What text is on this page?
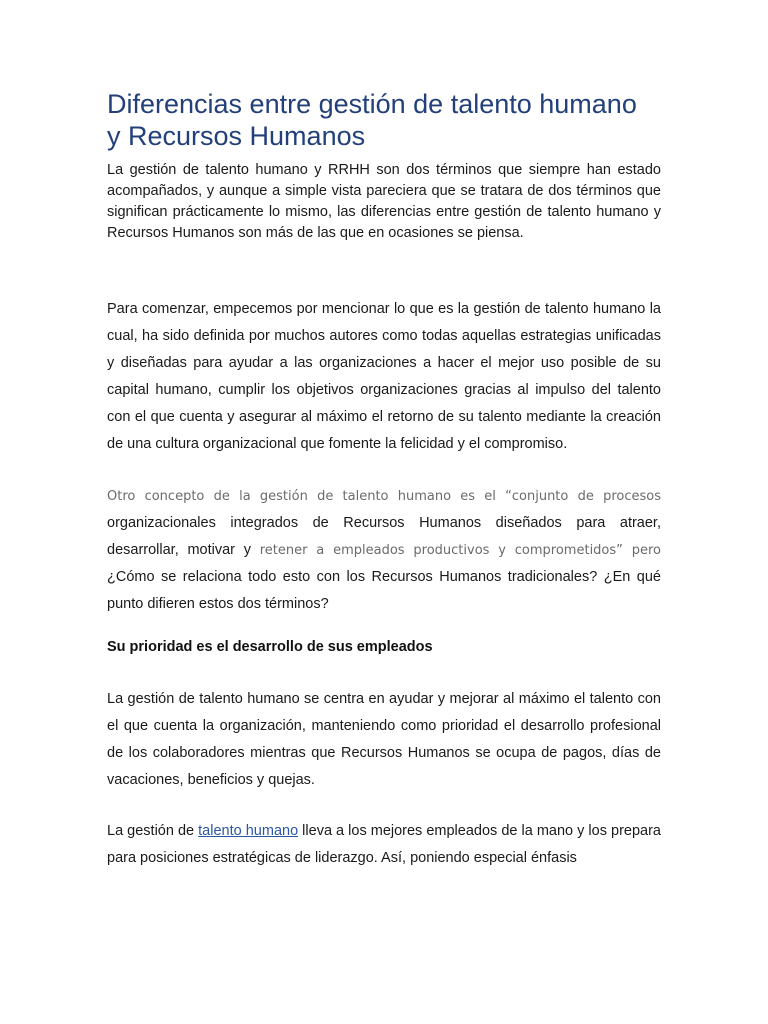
Diferencias entre gestión de talento humano
y Recursos Humanos

La gestión de talento humano y RRHH son dos términos que siempre han estado acompañados, y aunque a simple vista pareciera que se tratara de dos términos que significan prácticamente lo mismo, las diferencias entre gestión de talento humano y Recursos Humanos son más de las que en ocasiones se piensa.

Para comenzar, empecemos por mencionar lo que es la gestión de talento humano la cual, ha sido definida por muchos autores como todas aquellas estrategias unificadas y diseñadas para ayudar a las organizaciones a hacer el mejor uso posible de su capital humano, cumplir los objetivos organizaciones gracias al impulso del talento con el que cuenta y asegurar al máximo el retorno de su talento mediante la creación de una cultura organizacional que fomente la felicidad y el compromiso.

Otro concepto de la gestión de talento humano es el “conjunto de procesos organizacionales integrados de Recursos Humanos diseñados para atraer, desarrollar, motivar y retener a empleados productivos y comprometidos” pero ¿Cómo se relaciona todo esto con los Recursos Humanos tradicionales? ¿En qué punto difieren estos dos términos?

Su prioridad es el desarrollo de sus empleados

La gestión de talento humano se centra en ayudar y mejorar al máximo el talento con el que cuenta la organización, manteniendo como prioridad el desarrollo profesional de los colaboradores mientras que Recursos Humanos se ocupa de pagos, días de vacaciones, beneficios y quejas.

La gestión de talento humano lleva a los mejores empleados de la mano y los prepara para posiciones estratégicas de liderazgo. Así, poniendo especial énfasis
